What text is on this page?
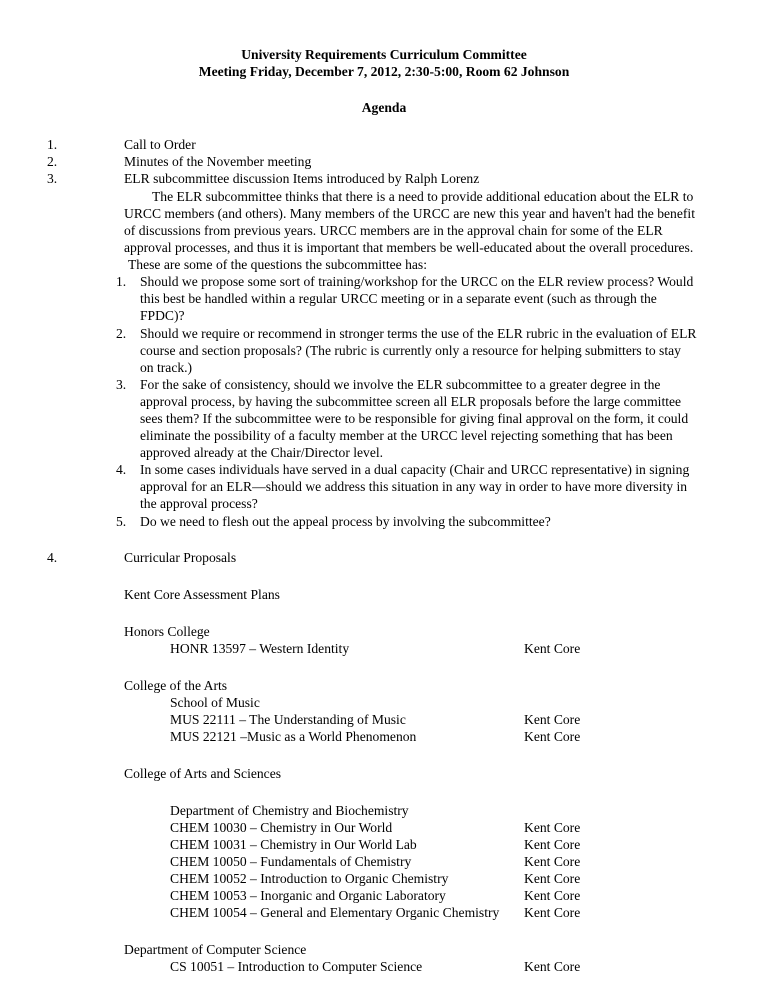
University Requirements Curriculum Committee
Meeting Friday, December 7, 2012, 2:30-5:00, Room 62 Johnson
Agenda
1.	Call to Order
2.	Minutes of the November meeting
3.	ELR subcommittee discussion Items introduced by Ralph Lorenz
The ELR subcommittee thinks that there is a need to provide additional education about the ELR to
URCC members (and others). Many members of the URCC are new this year and haven't had the benefit
of discussions from previous years. URCC members are in the approval chain for some of the ELR
approval processes, and thus it is important that members be well-educated about the overall procedures.
These are some of the questions the subcommittee has:
1. Should we propose some sort of training/workshop for the URCC on the ELR review process? Would
this best be handled within a regular URCC meeting or in a separate event (such as through the
FPDC)?
2. Should we require or recommend in stronger terms the use of the ELR rubric in the evaluation of ELR
course and section proposals? (The rubric is currently only a resource for helping submitters to stay
on track.)
3. For the sake of consistency, should we involve the ELR subcommittee to a greater degree in the
approval process, by having the subcommittee screen all ELR proposals before the large committee
sees them? If the subcommittee were to be responsible for giving final approval on the form, it could
eliminate the possibility of a faculty member at the URCC level rejecting something that has been
approved already at the Chair/Director level.
4. In some cases individuals have served in a dual capacity (Chair and URCC representative) in signing
approval for an ELR—should we address this situation in any way in order to have more diversity in
the approval process?
5. Do we need to flesh out the appeal process by involving the subcommittee?
4.	Curricular Proposals
Kent Core Assessment Plans
Honors College
HONR 13597 – Western Identity	Kent Core
College of the Arts
School of Music
MUS 22111 – The Understanding of Music	Kent Core
MUS 22121 –Music as a World Phenomenon	Kent Core
College of Arts and Sciences
Department of Chemistry and Biochemistry
CHEM 10030 – Chemistry in Our World	Kent Core
CHEM 10031 – Chemistry in Our World Lab	Kent Core
CHEM 10050 – Fundamentals of Chemistry	Kent Core
CHEM 10052 – Introduction to Organic Chemistry	Kent Core
CHEM 10053 – Inorganic and Organic Laboratory	Kent Core
CHEM 10054 – General and Elementary Organic Chemistry Kent Core
Department of Computer Science
CS 10051 – Introduction to Computer Science	Kent Core
